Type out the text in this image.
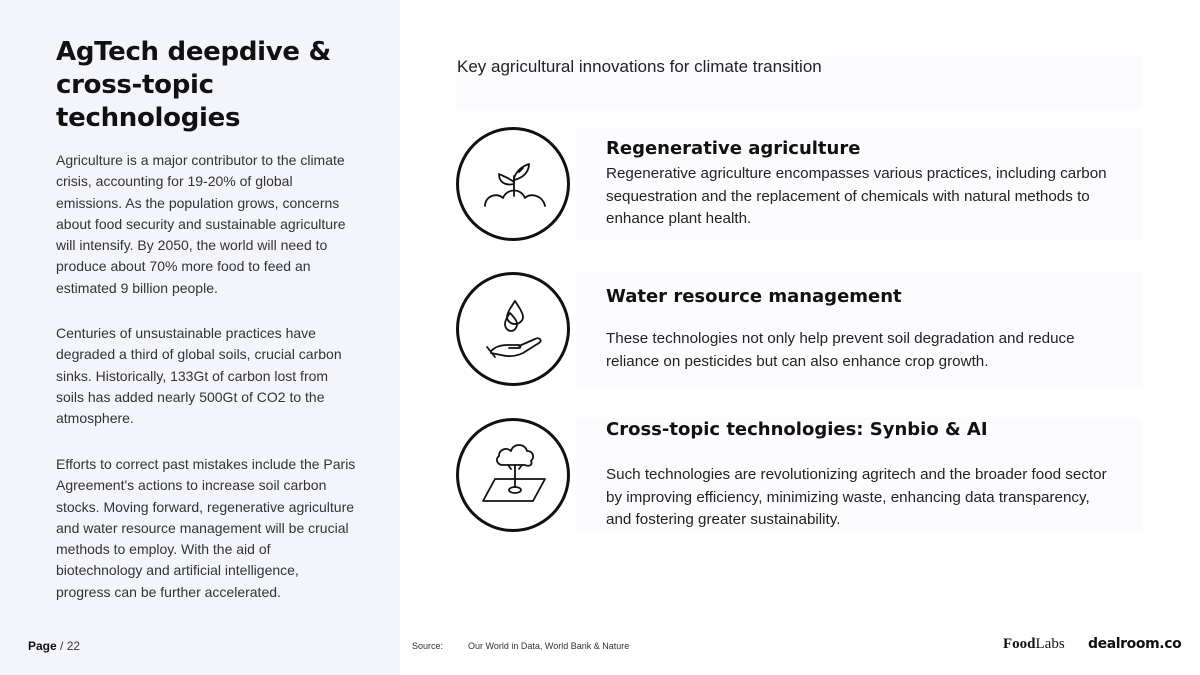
AgTech deepdive & cross-topic technologies

Agriculture is a major contributor to the climate crisis, accounting for 19-20% of global emissions. As the population grows, concerns about food security and sustainable agriculture will intensify. By 2050, the world will need to produce about 70% more food to feed an estimated 9 billion people.

Centuries of unsustainable practices have degraded a third of global soils, crucial carbon sinks. Historically, 133Gt of carbon lost from soils has added nearly 500Gt of CO2 to the atmosphere.

Efforts to correct past mistakes include the Paris Agreement's actions to increase soil carbon stocks. Moving forward, regenerative agriculture and water resource management will be crucial methods to employ. With the aid of biotechnology and artificial intelligence, progress can be further accelerated.

Key agricultural innovations for climate transition
Regenerative agriculture

Regenerative agriculture encompasses various practices, including carbon sequestration and the replacement of chemicals with natural methods to enhance plant health.

Water resource management

These technologies not only help prevent soil degradation and reduce reliance on pesticides but can also enhance crop growth.

Cross-topic technologies: Synbio & AI

Such technologies are revolutionizing agritech and the broader food sector by improving efficiency, minimizing waste, enhancing data transparency, and fostering greater sustainability.

Page / 22	Source:	Our World in Data, World Bank & Nature	FoodLabs dealroom.co
